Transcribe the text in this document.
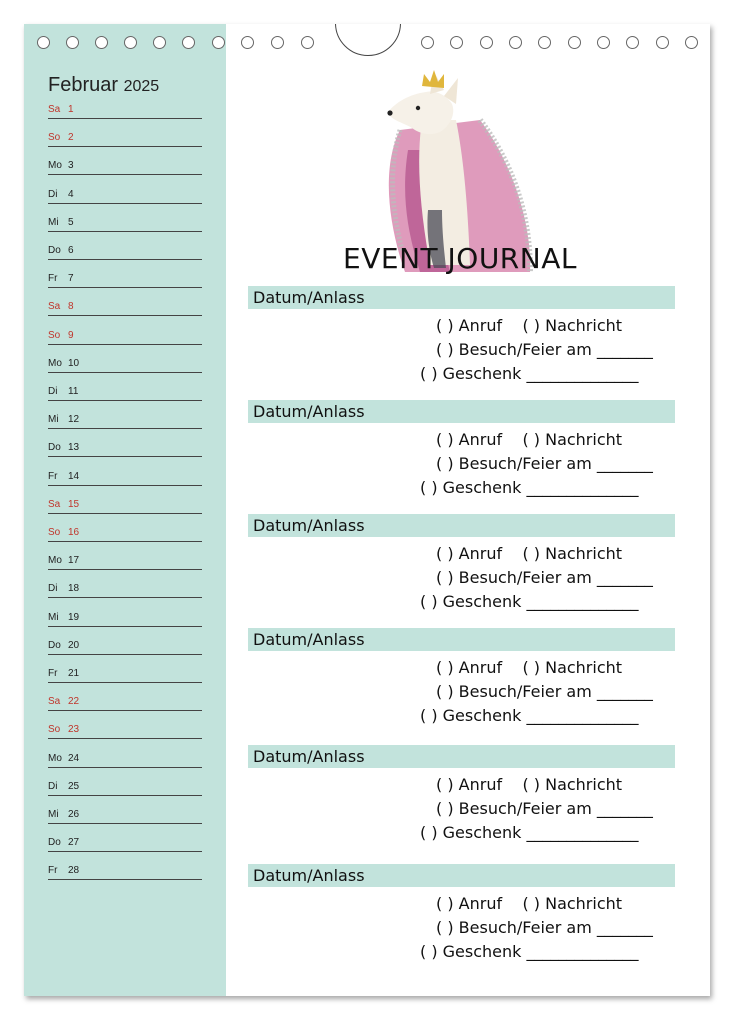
Februar 2025
Sa 1
So 2
Mo 3
Di 4
Mi 5
Do 6
Fr 7
Sa 8
So 9
Mo 10
Di 11
Mi 12
Do 13
Fr 14
Sa 15
So 16
Mo 17
Di 18
Mi 19
Do 20
Fr 21
Sa 22
So 23
Mo 24
Di 25
Mi 26
Do 27
Fr 28
EVENT JOURNAL
Datum/Anlass
( ) Anruf    ( ) Nachricht
( ) Besuch/Feier am _______
( ) Geschenk ______________
Datum/Anlass
( ) Anruf    ( ) Nachricht
( ) Besuch/Feier am _______
( ) Geschenk ______________
Datum/Anlass
( ) Anruf    ( ) Nachricht
( ) Besuch/Feier am _______
( ) Geschenk ______________
Datum/Anlass
( ) Anruf    ( ) Nachricht
( ) Besuch/Feier am _______
( ) Geschenk ______________
Datum/Anlass
( ) Anruf    ( ) Nachricht
( ) Besuch/Feier am _______
( ) Geschenk ______________
Datum/Anlass
( ) Anruf    ( ) Nachricht
( ) Besuch/Feier am _______
( ) Geschenk ______________
